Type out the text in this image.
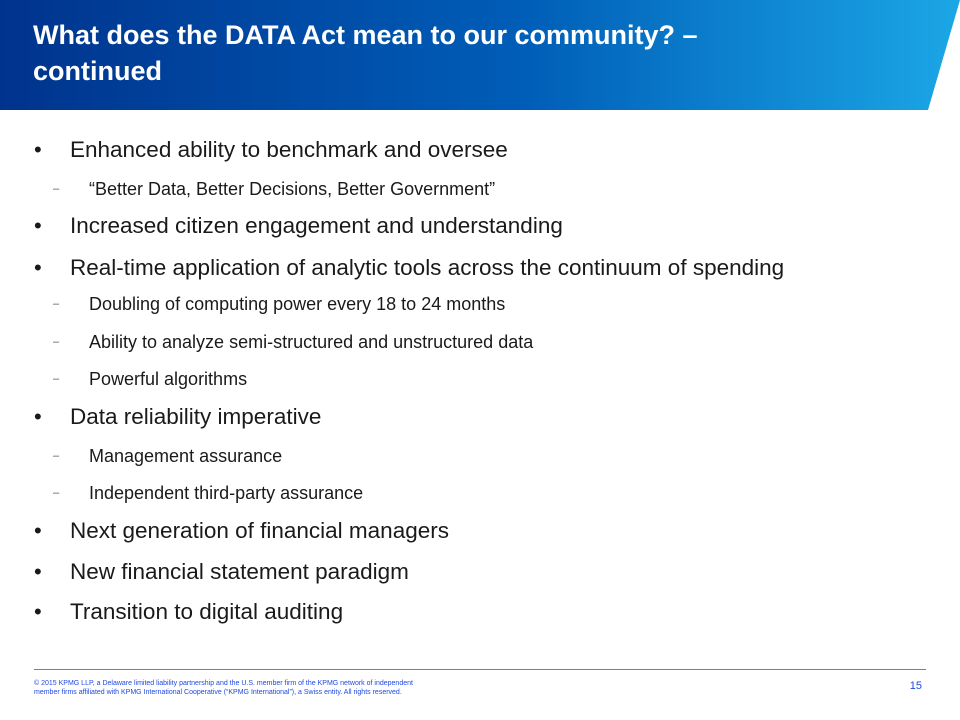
What does the DATA Act mean to our community? –
continued
• Enhanced ability to benchmark and oversee
– “Better Data, Better Decisions, Better Government”
• Increased citizen engagement and understanding
• Real-time application of analytic tools across the continuum of spending
– Doubling of computing power every 18 to 24 months
– Ability to analyze semi-structured and unstructured data
– Powerful algorithms
• Data reliability imperative
– Management assurance
– Independent third-party assurance
• Next generation of financial managers
• New financial statement paradigm
• Transition to digital auditing

© 2015 KPMG LLP, a Delaware limited liability partnership and the U.S. member firm of the KPMG network of independent
member firms affiliated with KPMG International Cooperative (“KPMG International”), a Swiss entity. All rights reserved.

15
